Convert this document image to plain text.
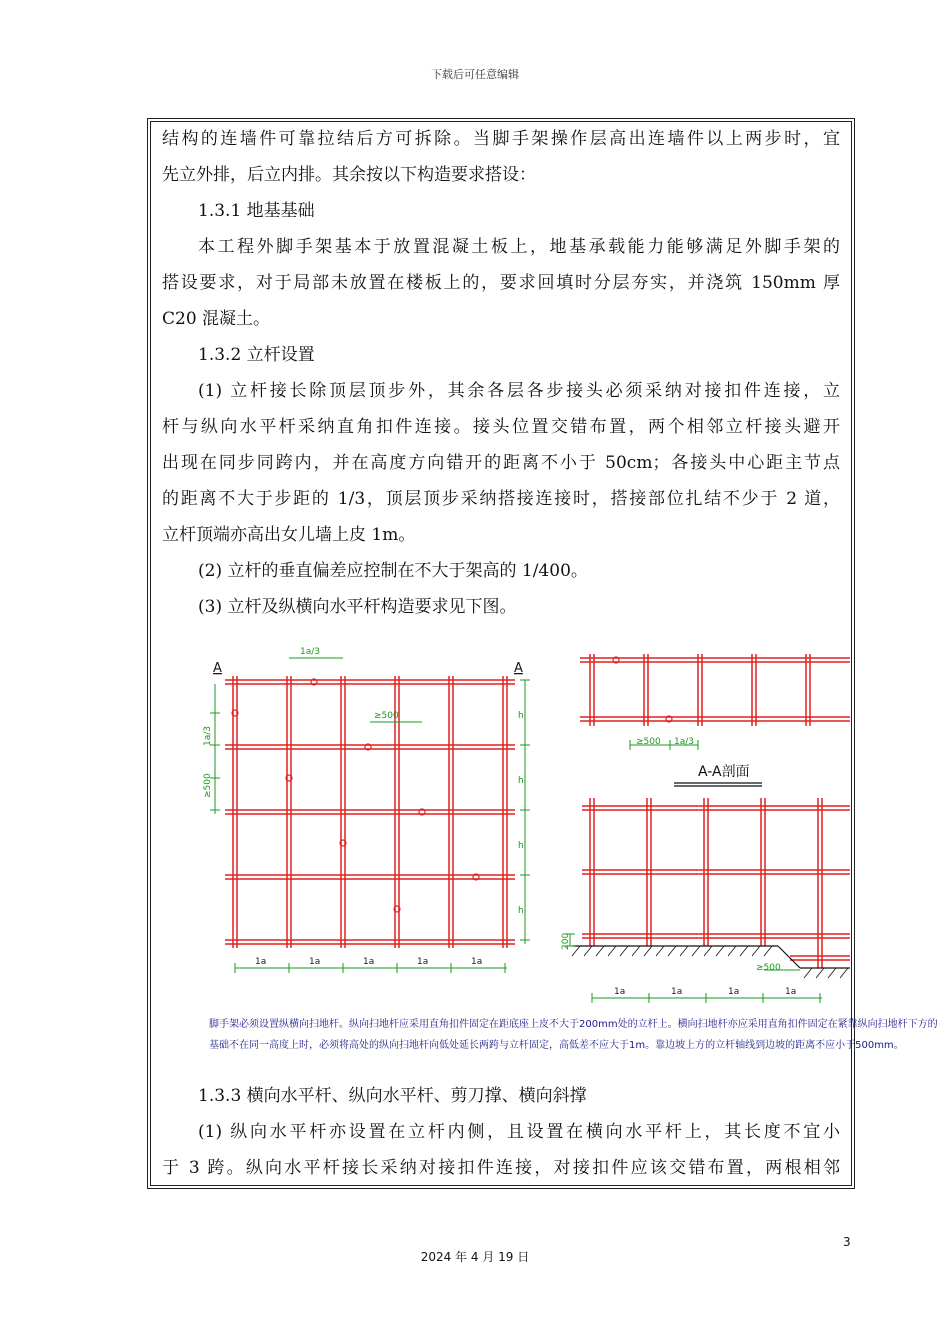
下载后可任意编辑
结构的连墙件可靠拉结后方可拆除。当脚手架操作层高出连墙件以上两步时，宜
先立外排，后立内排。其余按以下构造要求搭设：
1.3.1 地基基础
本工程外脚手架基本于放置混凝土板上，地基承载能力能够满足外脚手架的
搭设要求，对于局部未放置在楼板上的，要求回填时分层夯实，并浇筑 150mm 厚
C20 混凝土。
1.3.2 立杆设置
(1) 立杆接长除顶层顶步外，其余各层各步接头必须采纳对接扣件连接，立
杆与纵向水平杆采纳直角扣件连接。接头位置交错布置，两个相邻立杆接头避开
出现在同步同跨内，并在高度方向错开的距离不小于 50cm；各接头中心距主节点
的距离不大于步距的 1/3，顶层顶步采纳搭接连接时，搭接部位扎结不少于 2 道，
立杆顶端亦高出女儿墙上皮 1m。
(2) 立杆的垂直偏差应控制在不大于架高的 1/400。
(3) 立杆及纵横向水平杆构造要求见下图。
A	A
1a/3
≥500
1a/3
≥500
h
h
h
h
1a	1a	1a	1a	1a
≥500 1a/3
A-A剖面
200
≥500
1a	1a	1a	1a
脚手架必须设置纵横向扫地杆。纵向扫地杆应采用直角扣件固定在距底座上皮不大于200mm处的立杆上。横向扫地杆亦应采用直角扣件固定在紧靠纵向扫地杆下方的
基础不在同一高度上时，必须将高处的纵向扫地杆向低处延长两跨与立杆固定，高低差不应大于1m。靠边坡上方的立杆轴线到边坡的距离不应小于500mm。
1.3.3 横向水平杆、纵向水平杆、剪刀撑、横向斜撑
(1) 纵向水平杆亦设置在立杆内侧，且设置在横向水平杆上，其长度不宜小
于 3 跨。纵向水平杆接长采纳对接扣件连接，对接扣件应该交错布置，两根相邻
3
2024 年 4 月 19 日
